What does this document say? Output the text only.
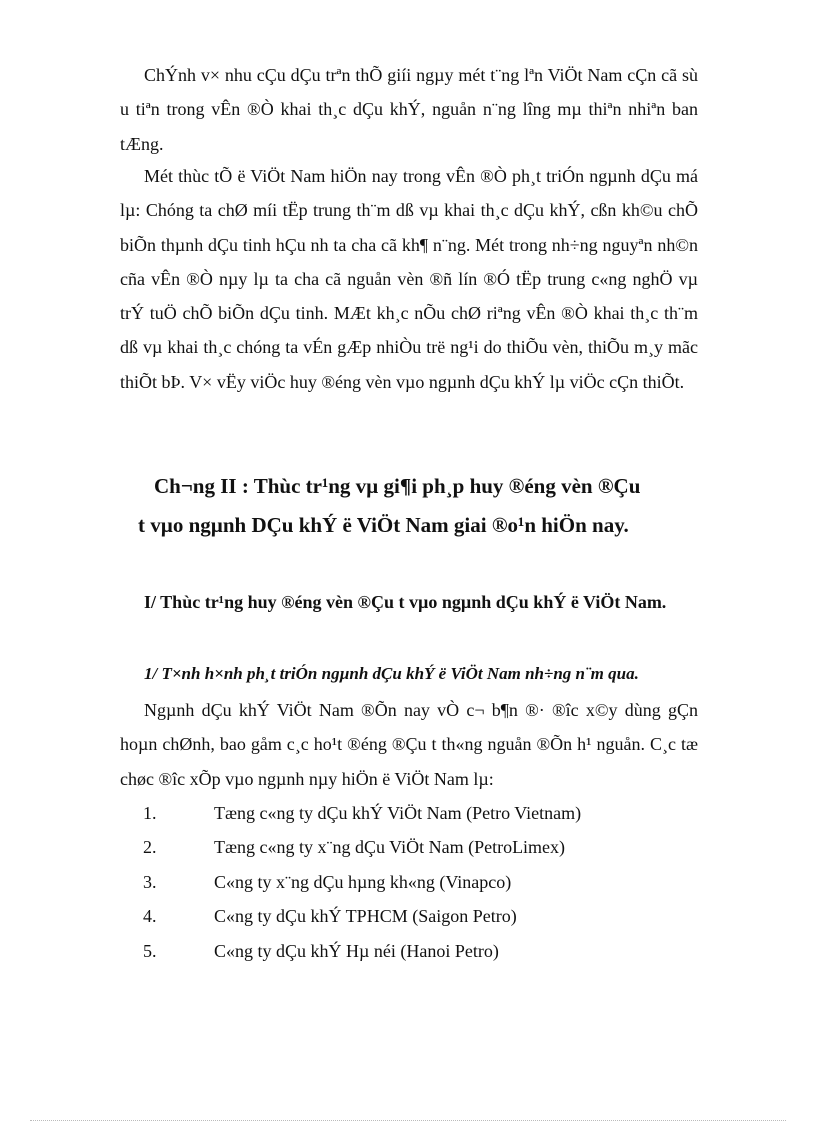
ChÝnh v× nhu cÇu dÇu trªn thÕ giíi ngµy mét t¨ng lªn ViÖt Nam cÇn cã sù u tiªn trong vÊn ®Ò khai th¸c dÇu khÝ, nguån n¨ng lîng mµ thiªn nhiªn ban tÆng.

Mét thùc tÕ ë ViÖt Nam hiÖn nay trong vÊn ®Ò ph¸t triÓn ngµnh dÇu má lµ: Chóng ta chØ míi tËp trung th¨m dß vµ khai th¸c dÇu khÝ, cßn kh©u chÕ biÕn thµnh dÇu tinh hÇu nh ta cha cã kh¶ n¨ng. Mét trong nh÷ng nguyªn nh©n cña vÊn ®Ò nµy lµ ta cha cã nguån vèn ®ñ lín ®Ó tËp trung c«ng nghÖ vµ trÝ tuÖ chÕ biÕn dÇu tinh. MÆt kh¸c nÕu chØ riªng vÊn ®Ò khai th¸c th¨m dß vµ khai th¸c chóng ta vÉn gÆp nhiÒu trë ng¹i do thiÕu vèn, thiÕu m¸y mãc thiÕt bÞ. V× vËy viÖc huy ®éng vèn vµo ngµnh dÇu khÝ lµ viÖc cÇn thiÕt.

Ch¬ng II : Thùc tr¹ng vµ gi¶i ph¸p huy ®éng vèn ®Çu
t vµo ngµnh DÇu khÝ ë ViÖt Nam giai ®o¹n hiÖn nay.
I/ Thùc tr¹ng huy ®éng vèn ®Çu t vµo ngµnh dÇu khÝ ë ViÖt Nam.
1/ T×nh h×nh ph¸t triÓn ngµnh dÇu khÝ ë ViÖt Nam nh÷ng n¨m qua.

Ngµnh dÇu khÝ ViÖt Nam ®Õn nay vÒ c¬ b¶n ®· ®îc x©y dùng gÇn hoµn chØnh, bao gåm c¸c ho¹t ®éng ®Çu t th«ng nguån ®Õn h¹ nguån. C¸c tæ chøc ®îc xÕp vµo ngµnh nµy hiÖn ë ViÖt Nam lµ:

1.	Tæng c«ng ty dÇu khÝ ViÖt Nam (Petro Vietnam)
2.	Tæng c«ng ty x¨ng dÇu ViÖt Nam (PetroLimex)
3.	C«ng ty x¨ng dÇu hµng kh«ng (Vinapco)
4.	C«ng ty dÇu khÝ TPHCM (Saigon Petro)
5.	C«ng ty dÇu khÝ Hµ néi (Hanoi Petro)
